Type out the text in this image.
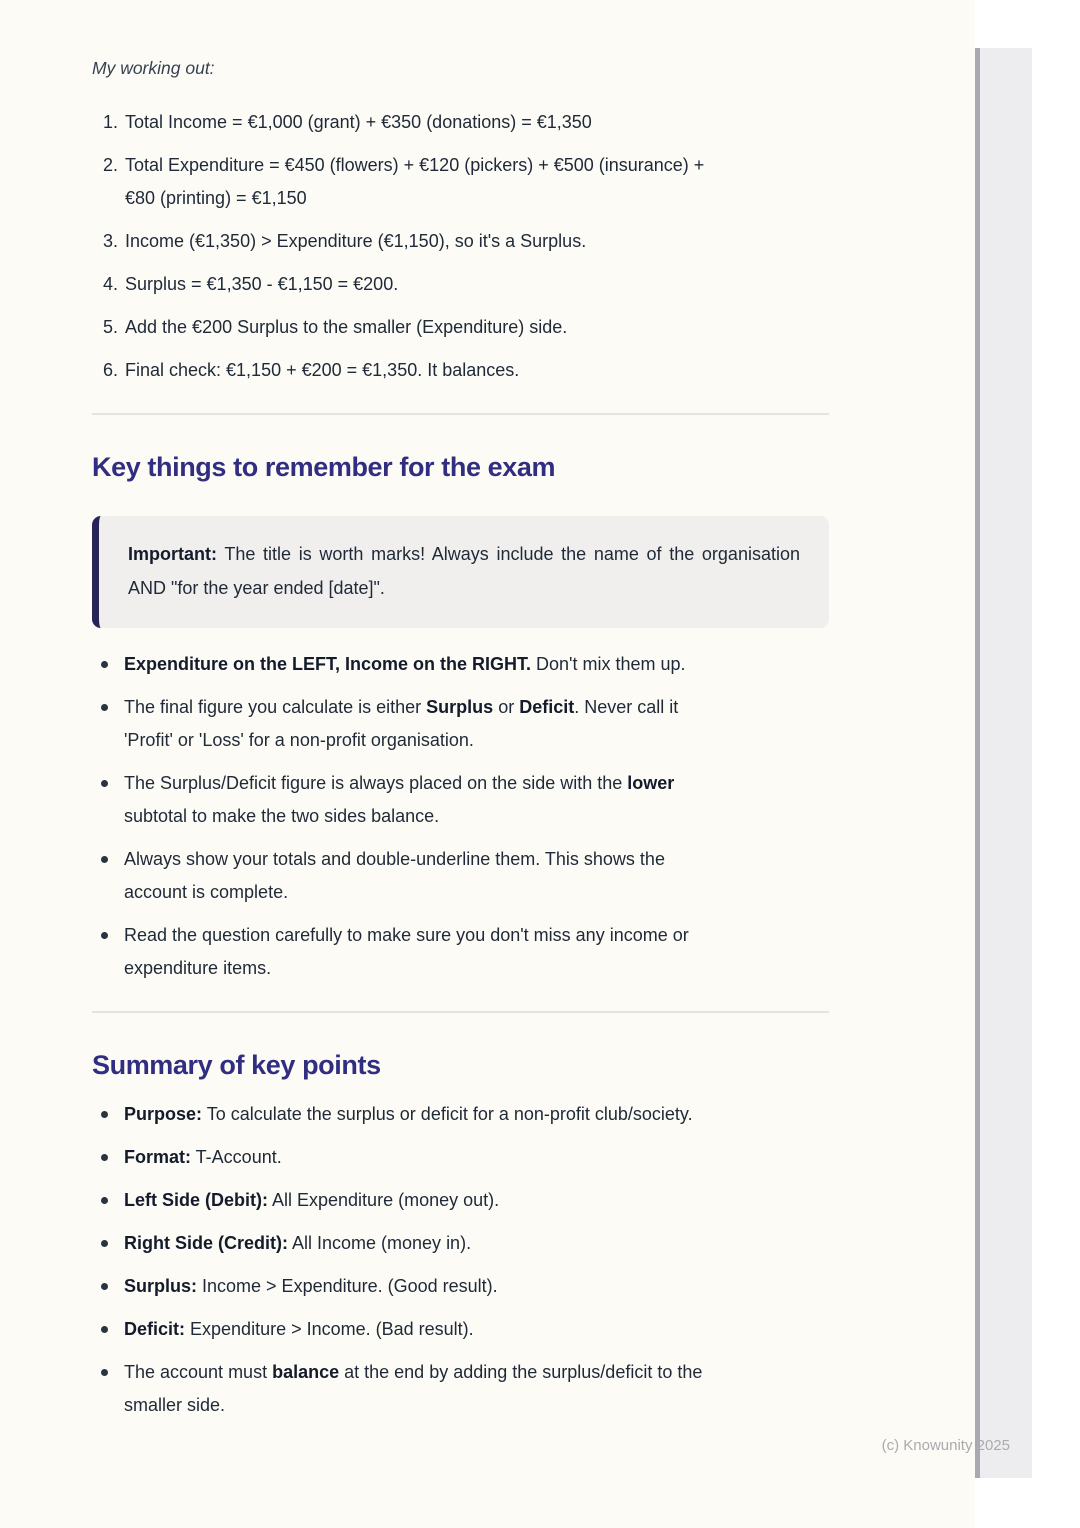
My working out:

1. Total Income = €1,000 (grant) + €350 (donations) = €1,350
2. Total Expenditure = €450 (flowers) + €120 (pickers) + €500 (insurance) +
€80 (printing) = €1,150
3. Income (€1,350) > Expenditure (€1,150), so it's a Surplus.
4. Surplus = €1,350 - €1,150 = €200.
5. Add the €200 Surplus to the smaller (Expenditure) side.
6. Final check: €1,150 + €200 = €1,350. It balances.
Key things to remember for the exam

Important: The title is worth marks! Always include the name of the organisation AND "for the year ended [date]".

Expenditure on the LEFT, Income on the RIGHT. Don't mix them up.
The final figure you calculate is either Surplus or Deficit. Never call it
'Profit' or 'Loss' for a non-profit organisation.
The Surplus/Deficit figure is always placed on the side with the lower
subtotal to make the two sides balance.
Always show your totals and double-underline them. This shows the
account is complete.
Read the question carefully to make sure you don't miss any income or
expenditure items.
Summary of key points
Purpose: To calculate the surplus or deficit for a non-profit club/society.
Format: T-Account.
Left Side (Debit): All Expenditure (money out).
Right Side (Credit): All Income (money in).
Surplus: Income > Expenditure. (Good result).
Deficit: Expenditure > Income. (Bad result).
The account must balance at the end by adding the surplus/deficit to the
smaller side.
(c) Knowunity 2025
